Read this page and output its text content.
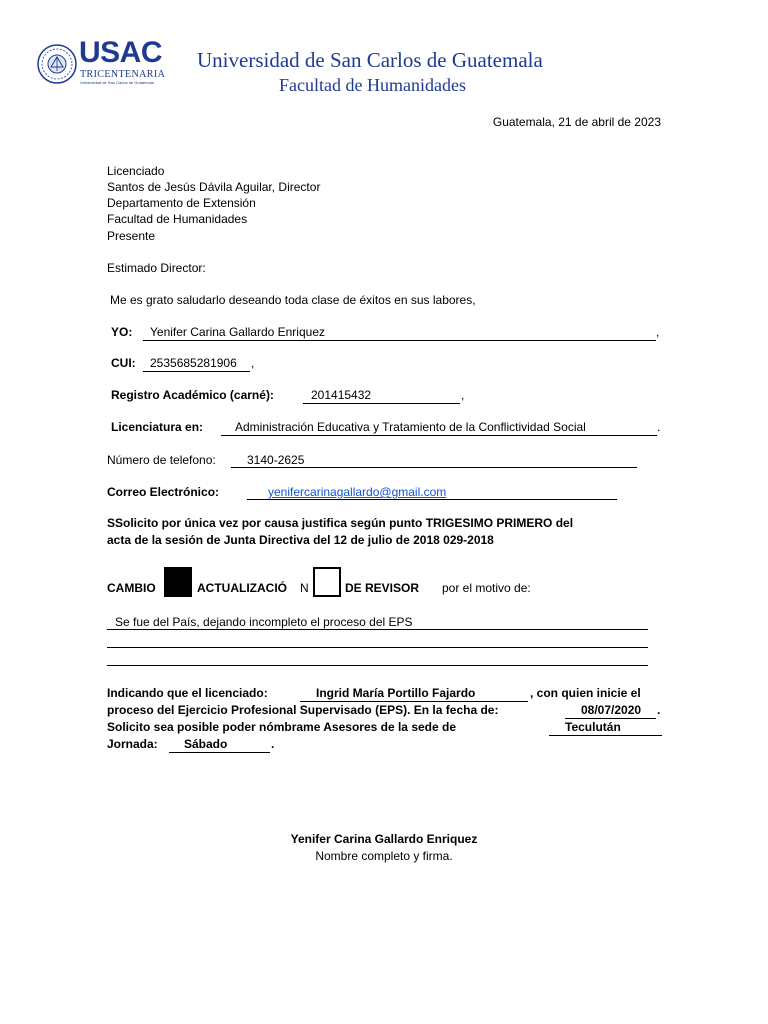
USAC
TRICENTENARIA
Universidad de San Carlos de Guatemala
Universidad de San Carlos de Guatemala
Facultad de Humanidades
Guatemala, 21 de abril de 2023
Licenciado
Santos de Jesús Dávila Aguilar, Director
Departamento de Extensión
Facultad de Humanidades
Presente
Estimado Director:
Me es grato saludarlo deseando toda clase de éxitos en sus labores,
YO: Yenifer Carina Gallardo Enriquez	,
CUI: 2535685281906 ,
Registro Académico (carné):	201415432	,
Licenciatura en:	Administración Educativa y Tratamiento de la Conflictividad Social	.
Número de telefono:	3140-2625
Correo Electrónico:	yenifercarinagallardo@gmail.com
SSolicito por única vez por causa justifica según punto TRIGESIMO PRIMERO del
acta de la sesión de Junta Directiva del 12 de julio de 2018 029-2018
CAMBIO	ACTUALIZACIÓ N	DE REVISOR por el motivo de:
Se fue del País, dejando incompleto el proceso del EPS
Indicando que el licenciado:	Ingrid María Portillo Fajardo	, con quien inicie el
proceso del Ejercicio Profesional Supervisado (EPS). En la fecha de:	08/07/2020 .
Solicito sea posible poder nómbrame Asesores de la sede de	Teculután
Jornada: Sábado	.
Yenifer Carina Gallardo Enriquez
Nombre completo y firma.
